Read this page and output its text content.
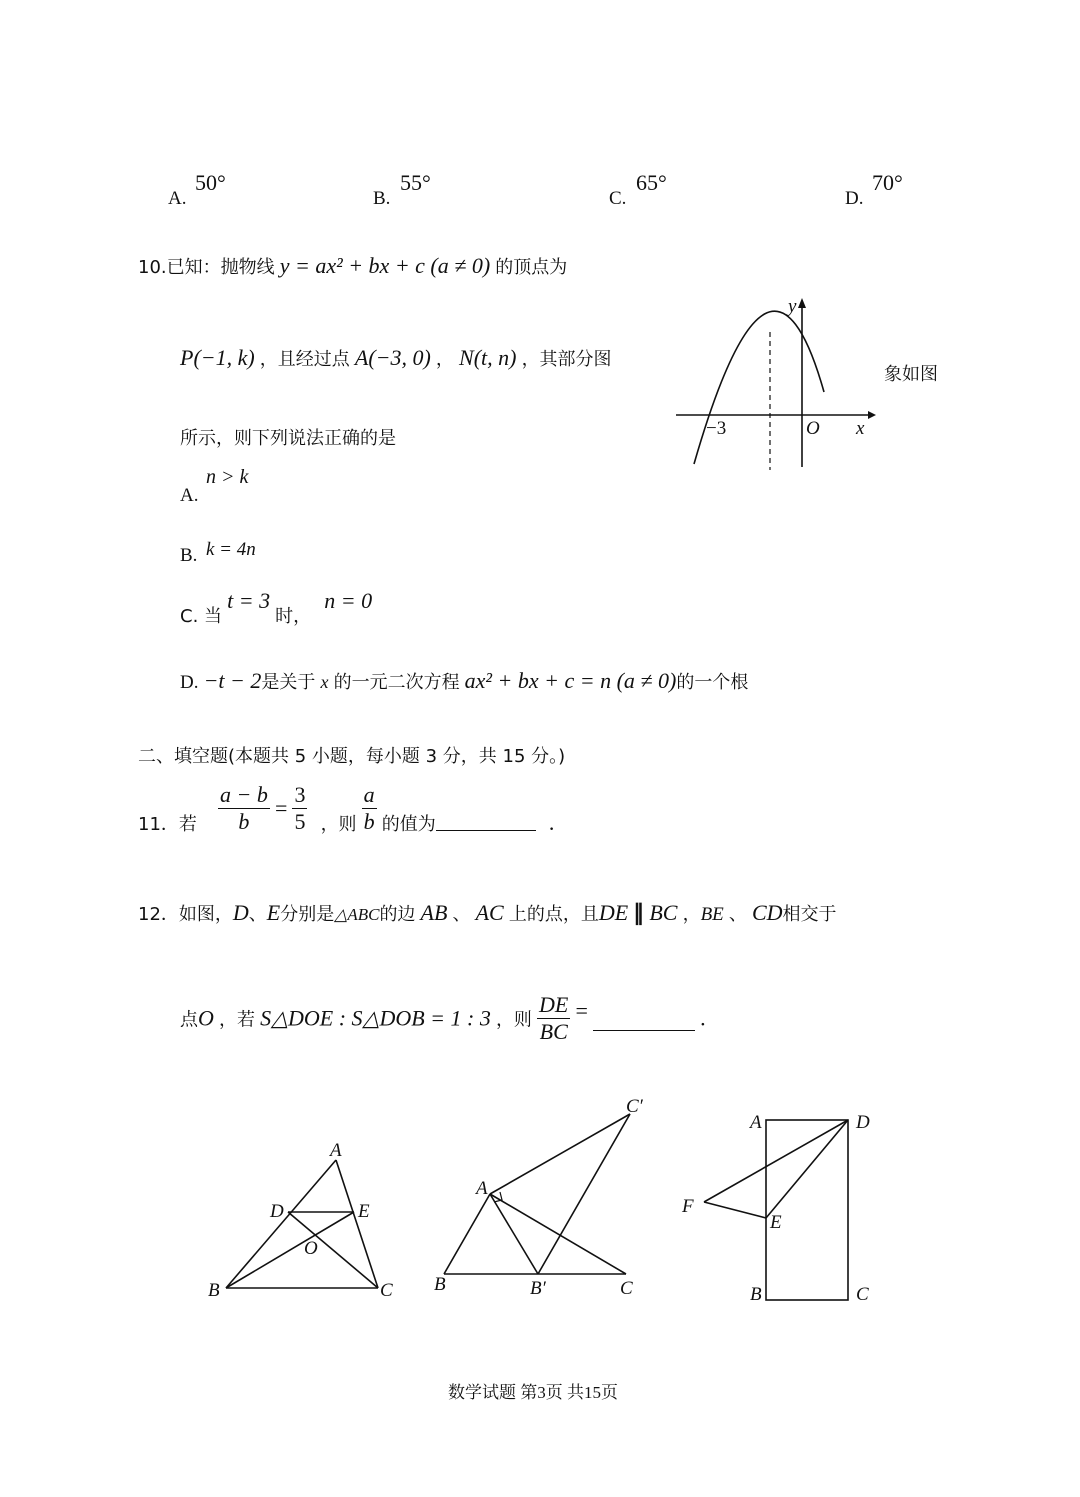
A.
50°
B.
55°
C.
65°
D.
70°
10.已知：抛物线 y = ax² + bx + c (a ≠ 0) 的顶点为
P(−1, k) ，且经过点 A(−3, 0) ， N(t, n) ，其部分图
象如图
y
x
−3	O
所示，则下列说法正确的是
A.
n > k
B. k = 4n
C. 当 t = 3 时， n = 0
D. −t − 2是关于 x 的一元二次方程 ax² + bx + c = n (a ≠ 0)的一个根
二、填空题(本题共 5 小题，每小题 3 分，共 15 分。)
11．若 $\frac{a - b}{b} = \frac{3}{5}$ ，则 $\frac{a}{b}$ 的值为	.
12．如图，D、E分别是△ABC的边 AB 、 AC 上的点，且DE ∥ BC ，BE 、 CD相交于
点O ，若 S△DOE : S△DOB = 1 : 3 ，则 $\frac{DE}{BC}$ =	.
A
B	C
D	E
O
A
B	B′	C
C′
A
B	C
D
E
F
数学试题 第3页 共15页
